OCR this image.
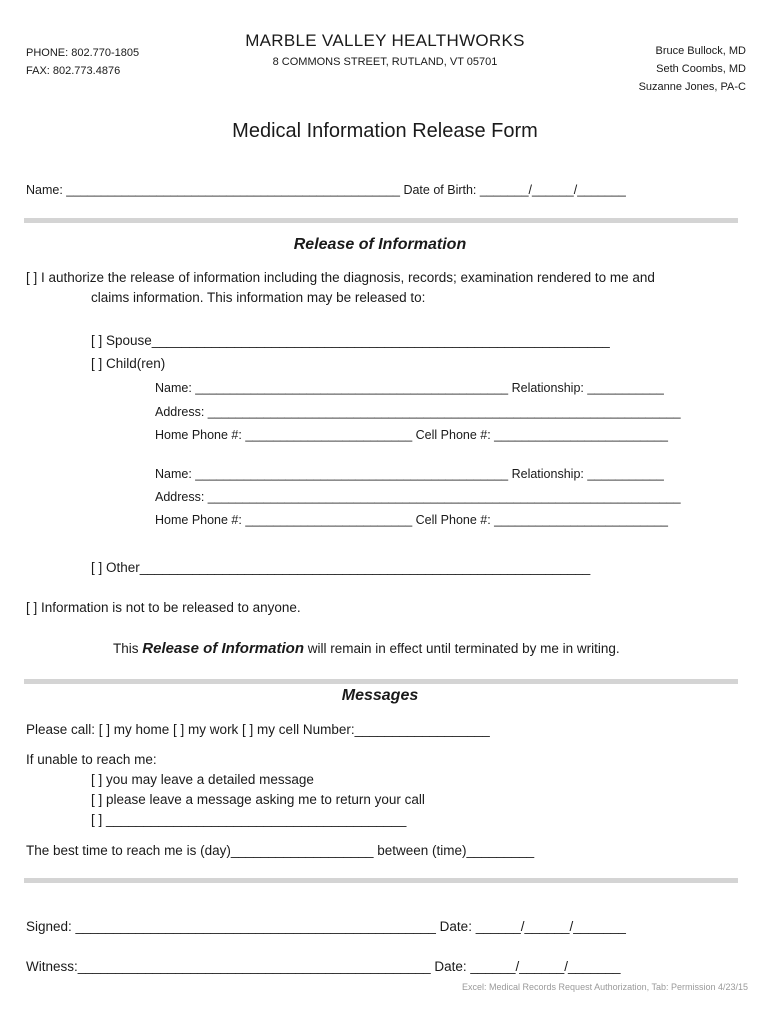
PHONE: 802.770-1805
FAX: 802.773.4876
MARBLE VALLEY HEALTHWORKS
8 COMMONS STREET, RUTLAND, VT 05701
Bruce Bullock, MD
Seth Coombs, MD
Suzanne Jones, PA-C
Medical Information Release Form
Name: ________________________________________________ Date of Birth: _______/______/_______
Release of Information
[ ] I authorize the release of information including the diagnosis, records; examination rendered to me and
claims information. This information may be released to:
[ ] Spouse_____________________________________________________________
[ ] Child(ren)
Name: _____________________________________________ Relationship: ___________
Address: ____________________________________________________________________
Home Phone #: ________________________ Cell Phone #: _________________________
Name: _____________________________________________ Relationship: ___________
Address: ____________________________________________________________________
Home Phone #: ________________________ Cell Phone #: _________________________
[ ] Other____________________________________________________________
[ ] Information is not to be released to anyone.
This Release of Information will remain in effect until terminated by me in writing.
Messages
Please call: [ ] my home [ ] my work [ ] my cell Number:__________________
If unable to reach me:
[ ] you may leave a detailed message
[ ] please leave a message asking me to return your call
[ ] ________________________________________
The best time to reach me is (day)___________________ between (time)_________
Signed: ________________________________________________ Date: ______/______/_______
Witness:_______________________________________________ Date: ______/______/_______
Excel: Medical Records Request Authorization, Tab: Permission 4/23/15
